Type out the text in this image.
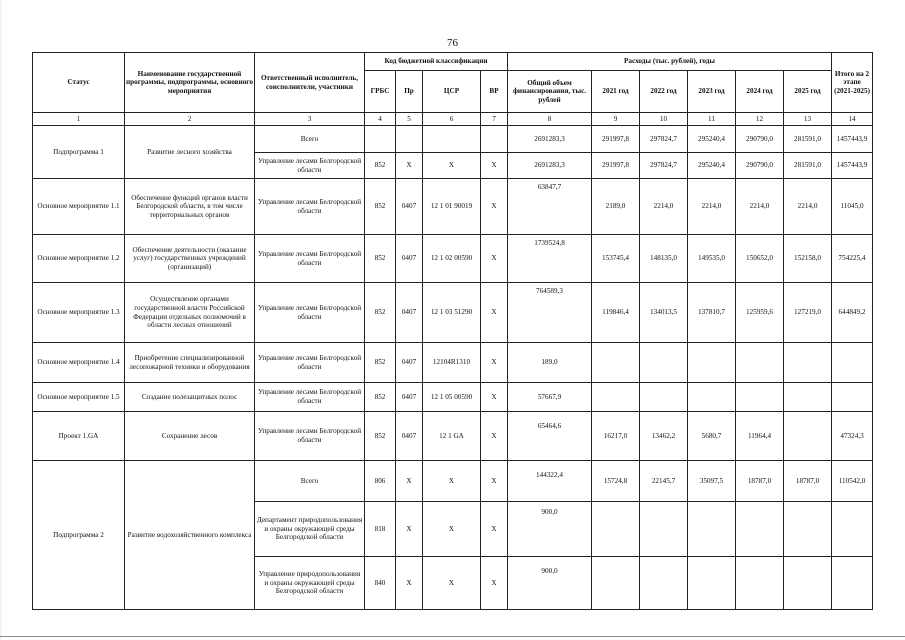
76
Статус	Наименование государственной программы, подпрограммы, основного мероприятия	Ответственный исполнитель, соисполнители, участники	Код бюджетной классификации				Расходы (тыс. рублей), годы						Итого на 2 этапе (2021-2025)
			ГРБС	Пр	ЦСР	ВР	Общий объем финансирования, тыс. рублей	2021 год	2022 год	2023 год	2024 год	2025 год	
1	2	3	4	5	6	7	8	9	10	11	12	13	14
Подпрограмма 1	Развитие лесного хозяйства	Всего					2691283,3	291997,8	297824,7	295240,4	290790,0	281591,0	1457443,9
		Управление лесами Белгородской области	852	Х	Х	Х	2691283,3	291997,8	297824,7	295240,4	290790,0	281591,0	1457443,9
Основное мероприятие 1.1	Обеспечение функций органов власти Белгородской области, в том числе территориальных органов	Управление лесами Белгородской области	852	0407	12 1 01 90019	Х	63847,7	2189,0	2214,0	2214,0	2214,0	2214,0	11045,0
Основное мероприятие 1.2	Обеспечение деятельности (оказание услуг) государственных учреждений (организаций)	Управление лесами Белгородской области	852	0407	12 1 02 00590	Х	1739524,8	153745,4	148135,0	149535,0	150652,0	152158,0	754225,4
Основное мероприятие 1.3	Осуществление органами государственной власти Российской Федерации отдельных полномочий в области лесных отношений	Управление лесами Белгородской области	852	0407	12 1 03 51290	Х	764589,3	119846,4	134013,5	137810,7	125959,6	127219,0	644849,2
Основное мероприятие 1.4	Приобретение специализированной лесопожарной техники и оборудования	Управление лесами Белгородской области	852	0407	12104R1310	Х	189,0						
Основное мероприятие 1.5	Создание полезащитных полос	Управление лесами Белгородской области	852	0407	12 1 05 00590	Х	57667,9						
Проект 1.GA	Сохранение лесов	Управление лесами Белгородской области	852	0407	12 1 GA	Х	65464,6	16217,0	13462,2	5680,7	11964,4		47324,3
Подпрограмма 2	Развитие водохозяйственного комплекса	Всего	806	Х	Х	Х	144322,4	15724,8	22145,7	35097,5	18787,0	18787,0	110542,0
		Департамент природопользования и охраны окружающей среды Белгородской области	818	Х	Х	Х	900,0						
		Управление природопользования и охраны окружающей среды Белгородской области	840	Х	Х	Х	900,0						
